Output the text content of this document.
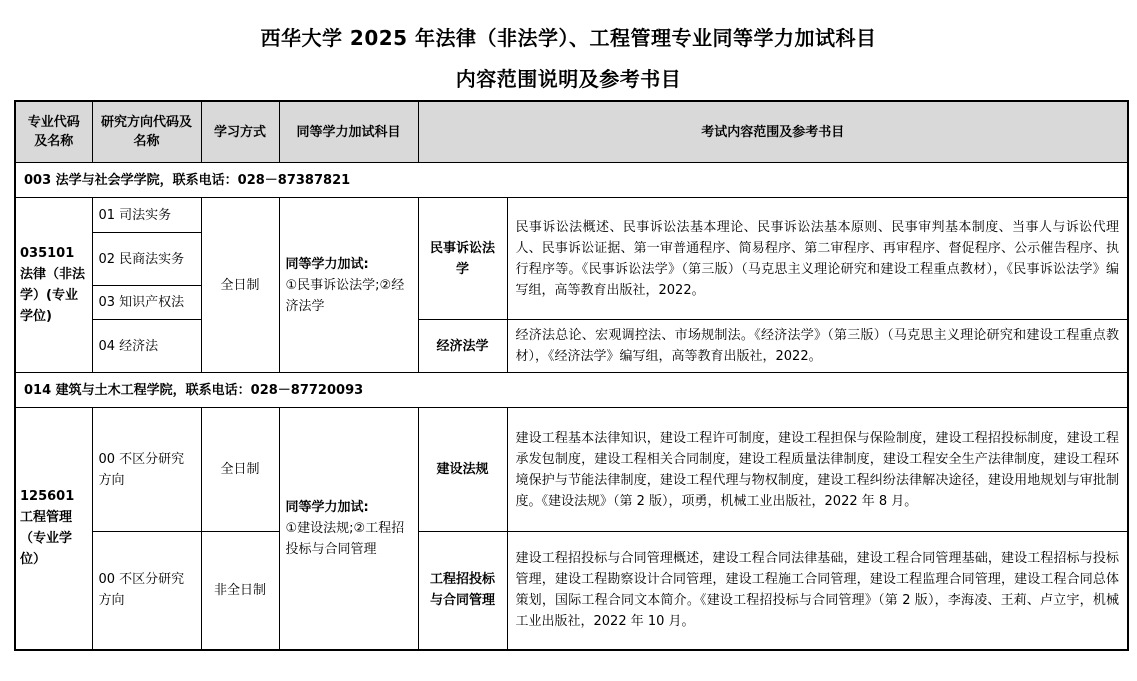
西华大学 2025 年法律（非法学）、工程管理专业同等学力加试科目
内容范围说明及参考书目
专业代码及名称	研究方向代码及名称	学习方式	同等学力加试科目	考试内容范围及参考书目	
003 法学与社会学学院，联系电话：028－87387821					
035101 法律（非法学）(专业学位)	01 司法实务	全日制	同等学力加试:
①民事诉讼法学;②经济法学	民事诉讼法学	民事诉讼法概述、民事诉讼法基本理论、民事诉讼法基本原则、民事审判基本制度、当事人与诉讼代理人、民事诉讼证据、第一审普通程序、简易程序、第二审程序、再审程序、督促程序、公示催告程序、执行程序等。《民事诉讼法学》（第三版）（马克思主义理论研究和建设工程重点教材），《民事诉讼法学》编写组，高等教育出版社，2022。
	02 民商法实务				
	03 知识产权法				
	04 经济法			经济法学	经济法总论、宏观调控法、市场规制法。《经济法学》（第三版）（马克思主义理论研究和建设工程重点教材），《经济法学》编写组，高等教育出版社，2022。
014 建筑与土木工程学院，联系电话：028－87720093					
125601 工程管理（专业学位）	00 不区分研究方向	全日制	同等学力加试:
①建设法规;②工程招投标与合同管理	建设法规	建设工程基本法律知识，建设工程许可制度，建设工程担保与保险制度，建设工程招投标制度，建设工程承发包制度，建设工程相关合同制度，建设工程质量法律制度，建设工程安全生产法律制度，建设工程环境保护与节能法律制度，建设工程代理与物权制度，建设工程纠纷法律解决途径，建设用地规划与审批制度。《建设法规》（第 2 版），项勇，机械工业出版社，2022 年 8 月。
	00 不区分研究方向	非全日制		工程招投标与合同管理	建设工程招投标与合同管理概述，建设工程合同法律基础，建设工程合同管理基础，建设工程招标与投标管理，建设工程勘察设计合同管理，建设工程施工合同管理，建设工程监理合同管理，建设工程合同总体策划，国际工程合同文本简介。《建设工程招投标与合同管理》（第 2 版），李海凌、王莉、卢立宇，机械工业出版社，2022 年 10 月。
